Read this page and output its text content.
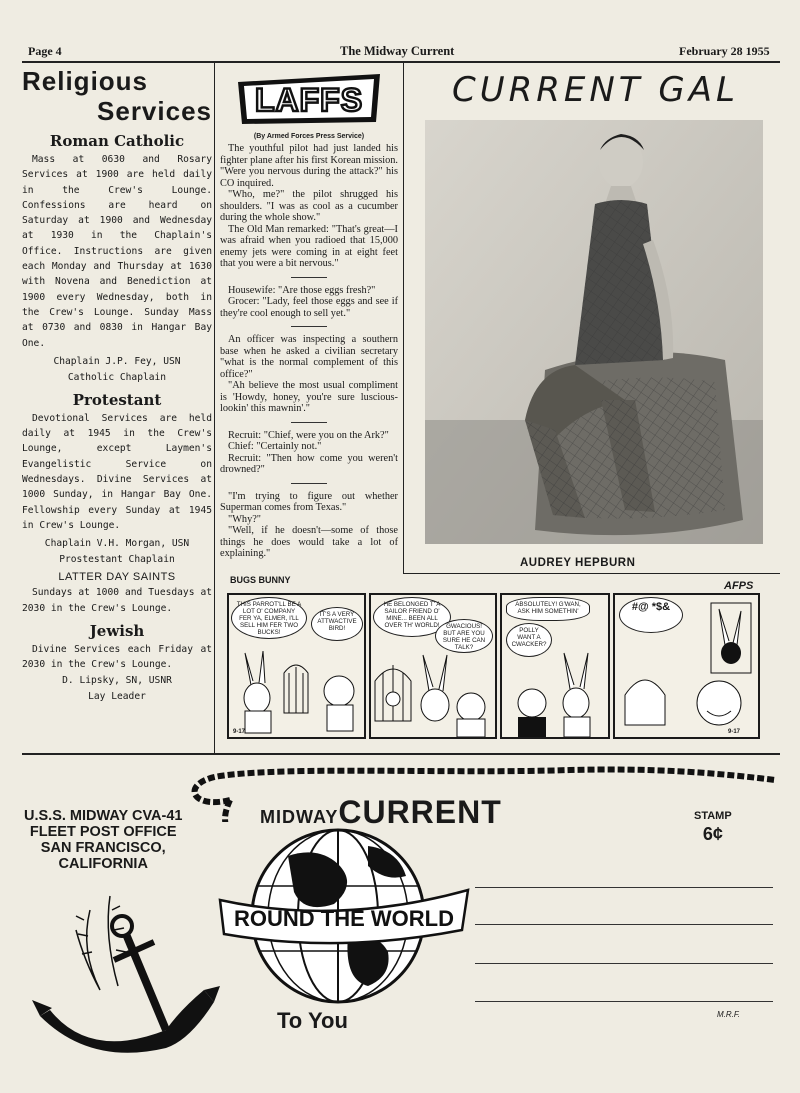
Page 4	The Midway Current	February 28 1955
Religious
Services
Roman Catholic

Mass at 0630 and Rosary Services at 1900 are held daily in the Crew's Lounge. Confessions are heard on Saturday at 1900 and Wednesday at 1930 in the Chaplain's Office. Instructions are given each Monday and Thursday at 1630 with Novena and Benediction at 1900 every Wednesday, both in the Crew's Lounge. Sunday Mass at 0730 and 0830 in Hangar Bay One.

Chaplain J.P. Fey, USN
Catholic Chaplain
Protestant

Devotional Services are held daily at 1945 in the Crew's Lounge, except Laymen's Evangelistic Service on Wednesdays. Divine Services at 1000 Sunday, in Hangar Bay One. Fellowship every Sunday at 1945 in Crew's Lounge.

Chaplain V.H. Morgan, USN
Prostestant Chaplain
LATTER DAY SAINTS

Sundays at 1000 and Tuesdays at 2030 in the Crew's Lounge.

Jewish

Divine Services each Friday at 2030 in the Crew's Lounge.

D. Lipsky, SN, USNR
Lay Leader
LAFFS
(By Armed Forces Press Service)

The youthful pilot had just landed his fighter plane after his first Korean mission. "Were you nervous during the attack?" his CO inquired.

"Who, me?" the pilot shrugged his shoulders. "I was as cool as a cucumber during the whole show."

The Old Man remarked: "That's great—I was afraid when you radioed that 15,000 enemy jets were coming in at eight feet that you were a bit nervous."

Housewife: "Are those eggs fresh?"

Grocer: "Lady, feel those eggs and see if they're cool enough to sell yet."

An officer was inspecting a southern base when he asked a civilian secretary "what is the normal complement of this office?"

"Ah believe the most usual compliment is 'Howdy, honey, you're sure luscious-lookin' this mawnin'."

Recruit: "Chief, were you on the Ark?"

Chief: "Certainly not."

Recruit: "Then how come you weren't drowned?"

"I'm trying to figure out whether Superman comes from Texas."

"Why?"

"Well, if he doesn't—some of those things he does would take a lot of explaining."

CURRENT GAL
AUDREY HEPBURN
BUGS BUNNY	AFPS
THIS PARROT'LL BE A LOT O' COMPANY FER YA, ELMER, I'LL SELL HIM FER TWO BUCKS!
IT'S A VERY ATTWACTIVE BIRD!
9-17
HE BELONGED T' A SAILOR FRIEND O' MINE... BEEN ALL OVER TH' WORLD!	GWACIOUS! BUT ARE YOU SURE HE CAN TALK?
ABSOLUTELY! G'WAN, ASK HIM SOMETHIN'
POLLY WANT A CWACKER?
#@ *$&
9-17
U.S.S. MIDWAY CVA-41
FLEET POST OFFICE
SAN FRANCISCO,
CALIFORNIA
MIDWAYCURRENT
ROUND THE WORLD
STAMP
6¢
To You	M.R.F.
